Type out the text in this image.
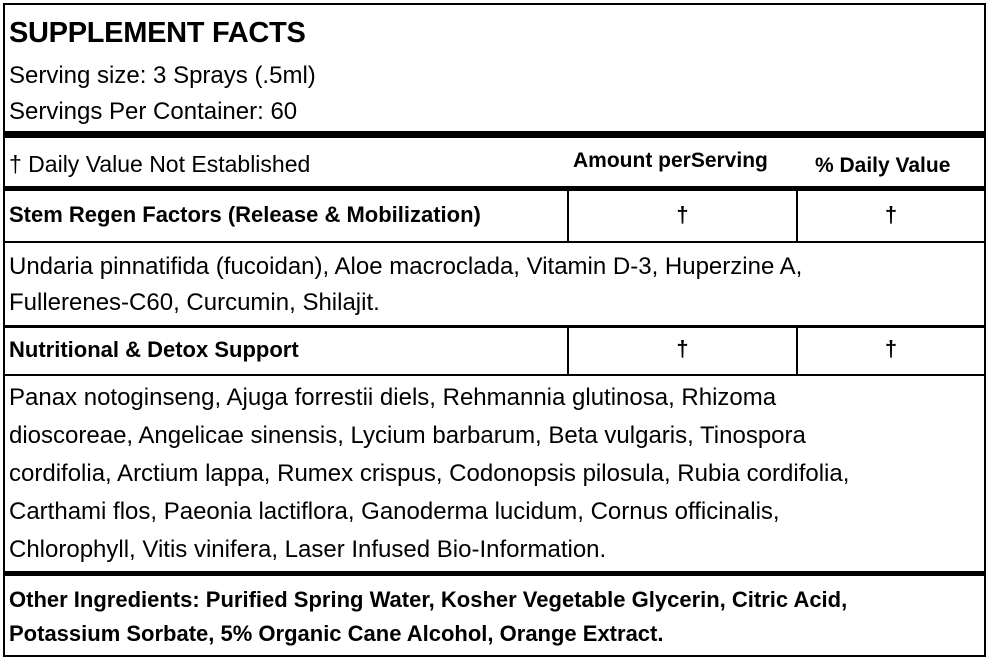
SUPPLEMENT FACTS
Serving size: 3 Sprays (.5ml)
Servings Per Container: 60
† Daily Value Not Established	Amount perServing % Daily Value
Stem Regen Factors (Release & Mobilization)	†	†
Undaria pinnatifida (fucoidan), Aloe macroclada, Vitamin D-3, Huperzine A,
Fullerenes-C60, Curcumin, Shilajit.
Nutritional & Detox Support	†	†
Panax notoginseng, Ajuga forrestii diels, Rehmannia glutinosa, Rhizoma
dioscoreae, Angelicae sinensis, Lycium barbarum, Beta vulgaris, Tinospora
cordifolia, Arctium lappa, Rumex crispus, Codonopsis pilosula, Rubia cordifolia,
Carthami flos, Paeonia lactiflora, Ganoderma lucidum, Cornus officinalis,
Chlorophyll, Vitis vinifera, Laser Infused Bio-Information.
Other Ingredients: Purified Spring Water, Kosher Vegetable Glycerin, Citric Acid,
Potassium Sorbate, 5% Organic Cane Alcohol, Orange Extract.
